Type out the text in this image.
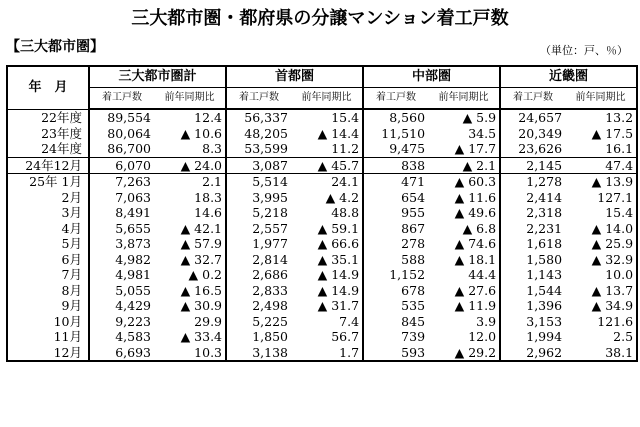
三大都市圏・都府県の分譲マンション着工戸数
【三大都市圏】	（単位：戸、％）
年　月	三大都市圏計		首都圏		中部圏		近畿圏	
	着工戸数	前年同期比	着工戸数	前年同期比	着工戸数	前年同期比	着工戸数	前年同期比
22年度	89,554	12.4	56,337	15.4	8,560	▲ 5.9	24,657	13.2
23年度	80,064	▲ 10.6	48,205	▲ 14.4	11,510	34.5	20,349	▲ 17.5
24年度	86,700	8.3	53,599	11.2	9,475	▲ 17.7	23,626	16.1
24年12月	6,070	▲ 24.0	3,087	▲ 45.7	838	▲ 2.1	2,145	47.4
25年 1月	7,263	2.1	5,514	24.1	471	▲ 60.3	1,278	▲ 13.9
2月	7,063	18.3	3,995	▲ 4.2	654	▲ 11.6	2,414	127.1
3月	8,491	14.6	5,218	48.8	955	▲ 49.6	2,318	15.4
4月	5,655	▲ 42.1	2,557	▲ 59.1	867	▲ 6.8	2,231	▲ 14.0
5月	3,873	▲ 57.9	1,977	▲ 66.6	278	▲ 74.6	1,618	▲ 25.9
6月	4,982	▲ 32.7	2,814	▲ 35.1	588	▲ 18.1	1,580	▲ 32.9
7月	4,981	▲ 0.2	2,686	▲ 14.9	1,152	44.4	1,143	10.0
8月	5,055	▲ 16.5	2,833	▲ 14.9	678	▲ 27.6	1,544	▲ 13.7
9月	4,429	▲ 30.9	2,498	▲ 31.7	535	▲ 11.9	1,396	▲ 34.9
10月	9,223	29.9	5,225	7.4	845	3.9	3,153	121.6
11月	4,583	▲ 33.4	1,850	56.7	739	12.0	1,994	2.5
12月	6,693	10.3	3,138	1.7	593	▲ 29.2	2,962	38.1
